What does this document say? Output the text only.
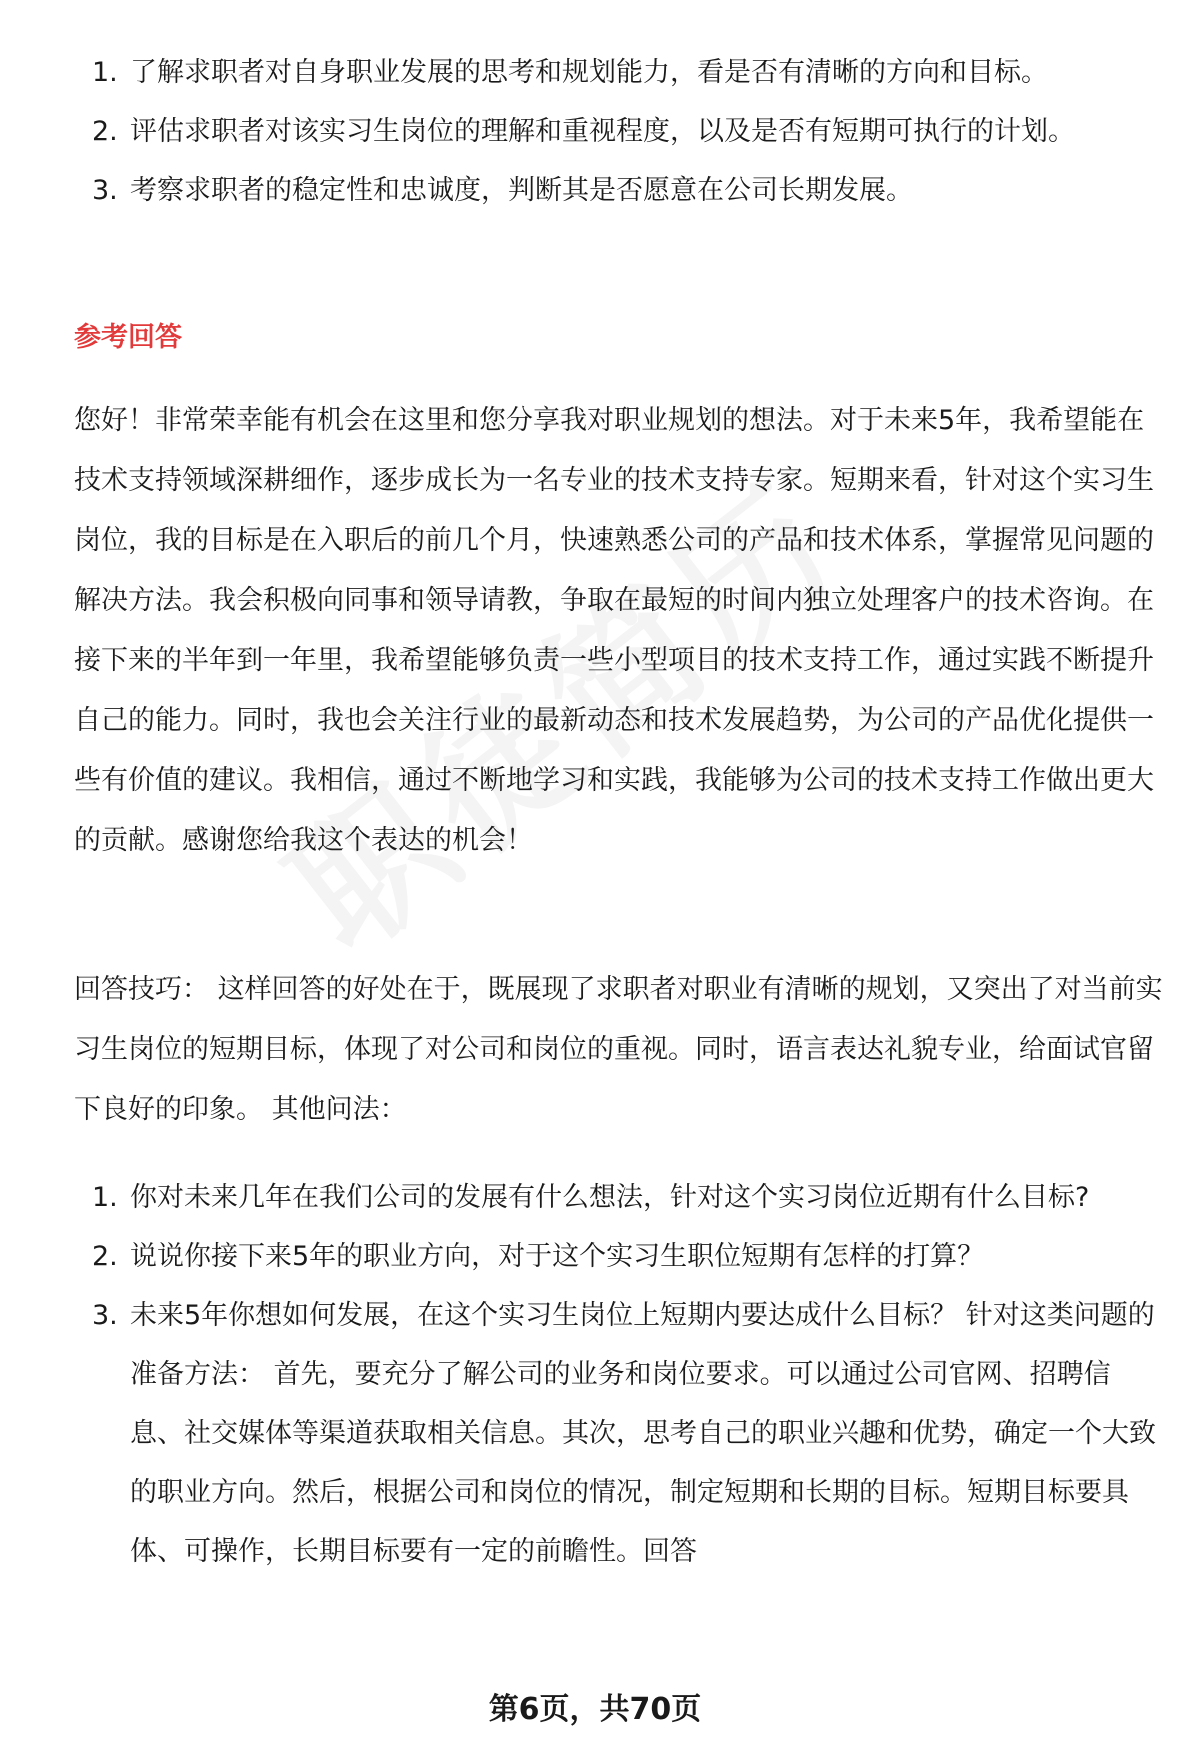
1. 了解求职者对自身职业发展的思考和规划能力，看是否有清晰的方向和目标。
2. 评估求职者对该实习生岗位的理解和重视程度，以及是否有短期可执行的计划。
3. 考察求职者的稳定性和忠诚度，判断其是否愿意在公司长期发展。
参考回答

您好！非常荣幸能有机会在这里和您分享我对职业规划的想法。对于未来5年，我希望能在技术支持领域深耕细作，逐步成长为一名专业的技术支持专家。短期来看，针对这个实习生岗位，我的目标是在入职后的前几个月，快速熟悉公司的产品和技术体系，掌握常见问题的解决方法。我会积极向同事和领导请教，争取在最短的时间内独立处理客户的技术咨询。在接下来的半年到一年里，我希望能够负责一些小型项目的技术支持工作，通过实践不断提升自己的能力。同时，我也会关注行业的最新动态和技术发展趋势，为公司的产品优化提供一些有价值的建议。我相信，通过不断地学习和实践，我能够为公司的技术支持工作做出更大的贡献。感谢您给我这个表达的机会！

回答技巧： 这样回答的好处在于，既展现了求职者对职业有清晰的规划，又突出了对当前实习生岗位的短期目标，体现了对公司和岗位的重视。同时，语言表达礼貌专业，给面试官留下良好的印象。 其他问法：

1. 你对未来几年在我们公司的发展有什么想法，针对这个实习岗位近期有什么目标?
2. 说说你接下来5年的职业方向，对于这个实习生职位短期有怎样的打算？
3. 未来5年你想如何发展，在这个实习生岗位上短期内要达成什么目标？ 针对这类问题的准备方法： 首先，要充分了解公司的业务和岗位要求。可以通过公司官网、招聘信息、社交媒体等渠道获取相关信息。其次，思考自己的职业兴趣和优势，确定一个大致的职业方向。然后，根据公司和岗位的情况，制定短期和长期的目标。短期目标要具体、可操作，长期目标要有一定的前瞻性。回答
第6页，共70页
